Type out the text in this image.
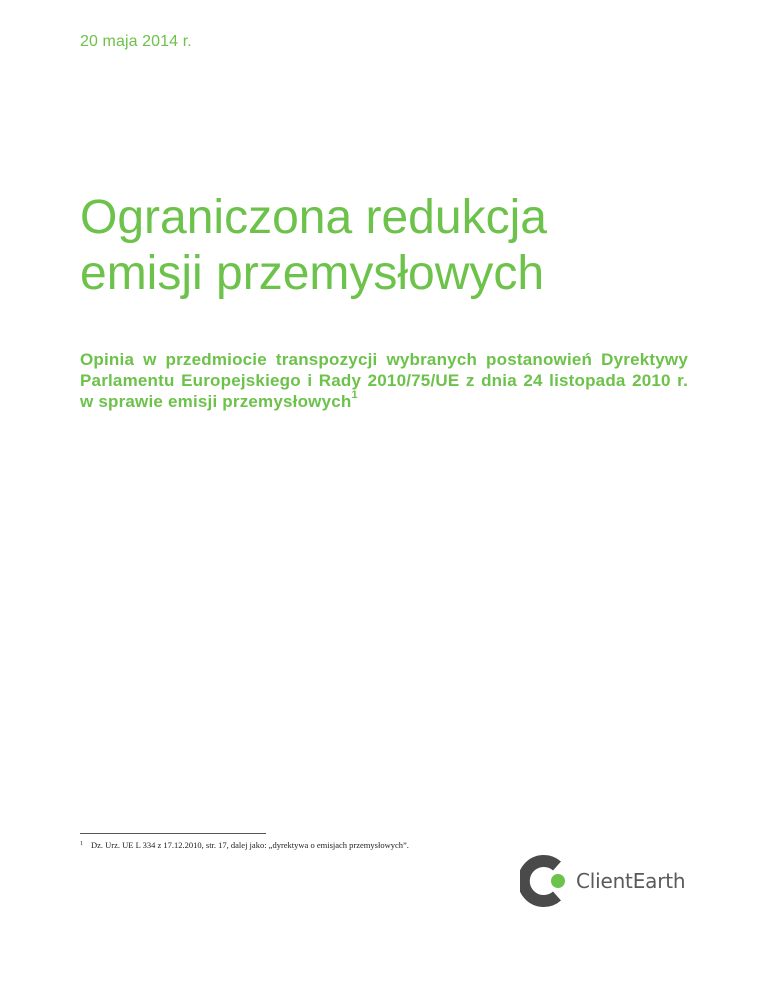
20 maja 2014 r.
Ograniczona redukcja
emisji przemysłowych

Opinia w przedmiocie transpozycji wybranych postanowień Dyrektywy Parlamentu Europejskiego i Rady 2010/75/UE z dnia 24 listopada 2010 r. w sprawie emisji przemysłowych$^1$

$^1$ Dz. Urz. UE L 334 z 17.12.2010, str. 17, dalej jako: „dyrektywa o emisjach przemysłowych”.
ClientEarth
